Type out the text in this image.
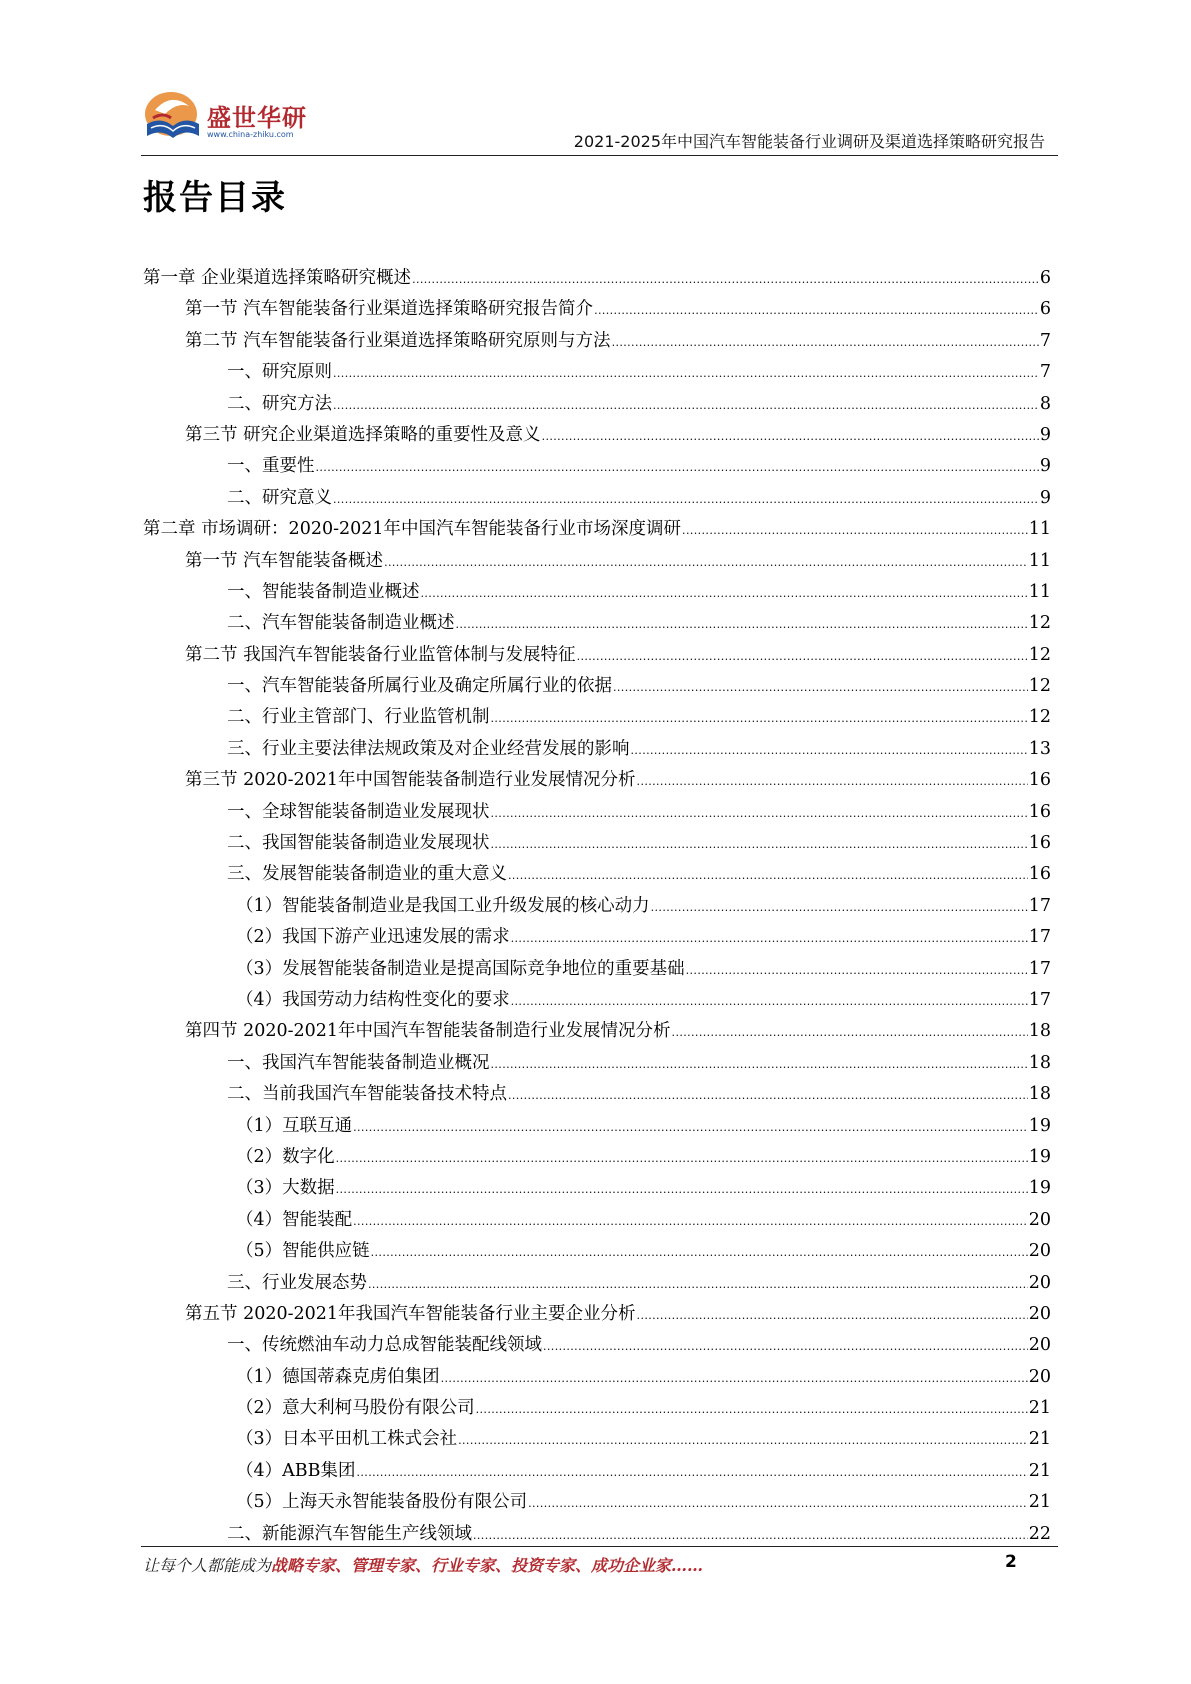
盛世华研
www.china-zhiku.com	2021-2025年中国汽车智能装备行业调研及渠道选择策略研究报告
报告目录
第一章 企业渠道选择策略研究概述 .....	6
第一节 汽车智能装备行业渠道选择策略研究报告简介 .....	6
第二节 汽车智能装备行业渠道选择策略研究原则与方法 .....	7
一、研究原则 .....	7
二、研究方法 .....	8
第三节 研究企业渠道选择策略的重要性及意义 .....	9
一、重要性 .....	9
二、研究意义 .....	9
第二章 市场调研：2020-2021年中国汽车智能装备行业市场深度调研 .....	11
第一节 汽车智能装备概述 .....	11
一、智能装备制造业概述 .....	11
二、汽车智能装备制造业概述 .....	12
第二节 我国汽车智能装备行业监管体制与发展特征 .....	12
一、汽车智能装备所属行业及确定所属行业的依据 .....	12
二、行业主管部门、行业监管机制 .....	12
三、行业主要法律法规政策及对企业经营发展的影响 .....	13
第三节 2020-2021年中国智能装备制造行业发展情况分析 .....	16
一、全球智能装备制造业发展现状 .....	16
二、我国智能装备制造业发展现状 .....	16
三、发展智能装备制造业的重大意义 .....	16
（1）智能装备制造业是我国工业升级发展的核心动力 .....	17
（2）我国下游产业迅速发展的需求 .....	17
（3）发展智能装备制造业是提高国际竞争地位的重要基础 .....	17
（4）我国劳动力结构性变化的要求 .....	17
第四节 2020-2021年中国汽车智能装备制造行业发展情况分析 .....	18
一、我国汽车智能装备制造业概况 .....	18
二、当前我国汽车智能装备技术特点 .....	18
（1）互联互通 .....	19
（2）数字化 .....	19
（3）大数据 .....	19
（4）智能装配 .....	20
（5）智能供应链 .....	20
三、行业发展态势 .....	20
第五节 2020-2021年我国汽车智能装备行业主要企业分析 .....	20
一、传统燃油车动力总成智能装配线领域 .....	20
（1）德国蒂森克虏伯集团 .....	20
（2）意大利柯马股份有限公司 .....	21
（3）日本平田机工株式会社 .....	21
（4）ABB集团 .....	21
（5）上海天永智能装备股份有限公司 .....	21
二、新能源汽车智能生产线领域 .....	22
让每个人都能成为战略专家、管理专家、行业专家、投资专家、成功企业家……	2
